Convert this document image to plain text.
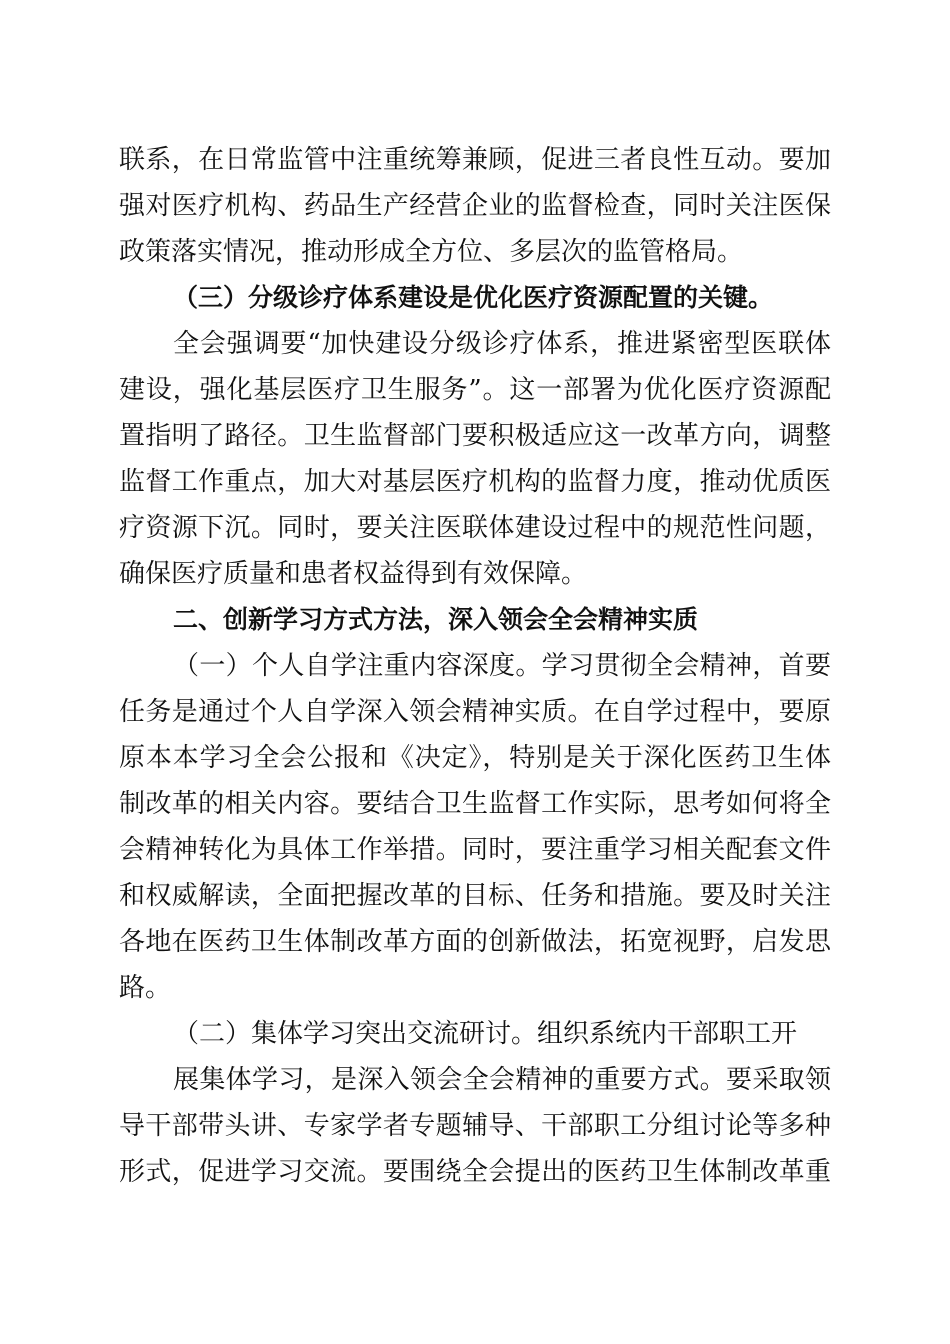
联系，在日常监管中注重统筹兼顾，促进三者良性互动。要加
强对医疗机构、药品生产经营企业的监督检查，同时关注医保
政策落实情况，推动形成全方位、多层次的监管格局。
（三）分级诊疗体系建设是优化医疗资源配置的关键。
全会强调要“加快建设分级诊疗体系，推进紧密型医联体
建设，强化基层医疗卫生服务”。这一部署为优化医疗资源配
置指明了路径。卫生监督部门要积极适应这一改革方向，调整
监督工作重点，加大对基层医疗机构的监督力度，推动优质医
疗资源下沉。同时，要关注医联体建设过程中的规范性问题，
确保医疗质量和患者权益得到有效保障。
二、创新学习方式方法，深入领会全会精神实质
（一）个人自学注重内容深度。学习贯彻全会精神，首要
任务是通过个人自学深入领会精神实质。在自学过程中，要原
原本本学习全会公报和《决定》，特别是关于深化医药卫生体
制改革的相关内容。要结合卫生监督工作实际，思考如何将全
会精神转化为具体工作举措。同时，要注重学习相关配套文件
和权威解读，全面把握改革的目标、任务和措施。要及时关注
各地在医药卫生体制改革方面的创新做法，拓宽视野，启发思
路。
（二）集体学习突出交流研讨。组织系统内干部职工开
展集体学习，是深入领会全会精神的重要方式。要采取领
导干部带头讲、专家学者专题辅导、干部职工分组讨论等多种
形式，促进学习交流。要围绕全会提出的医药卫生体制改革重
